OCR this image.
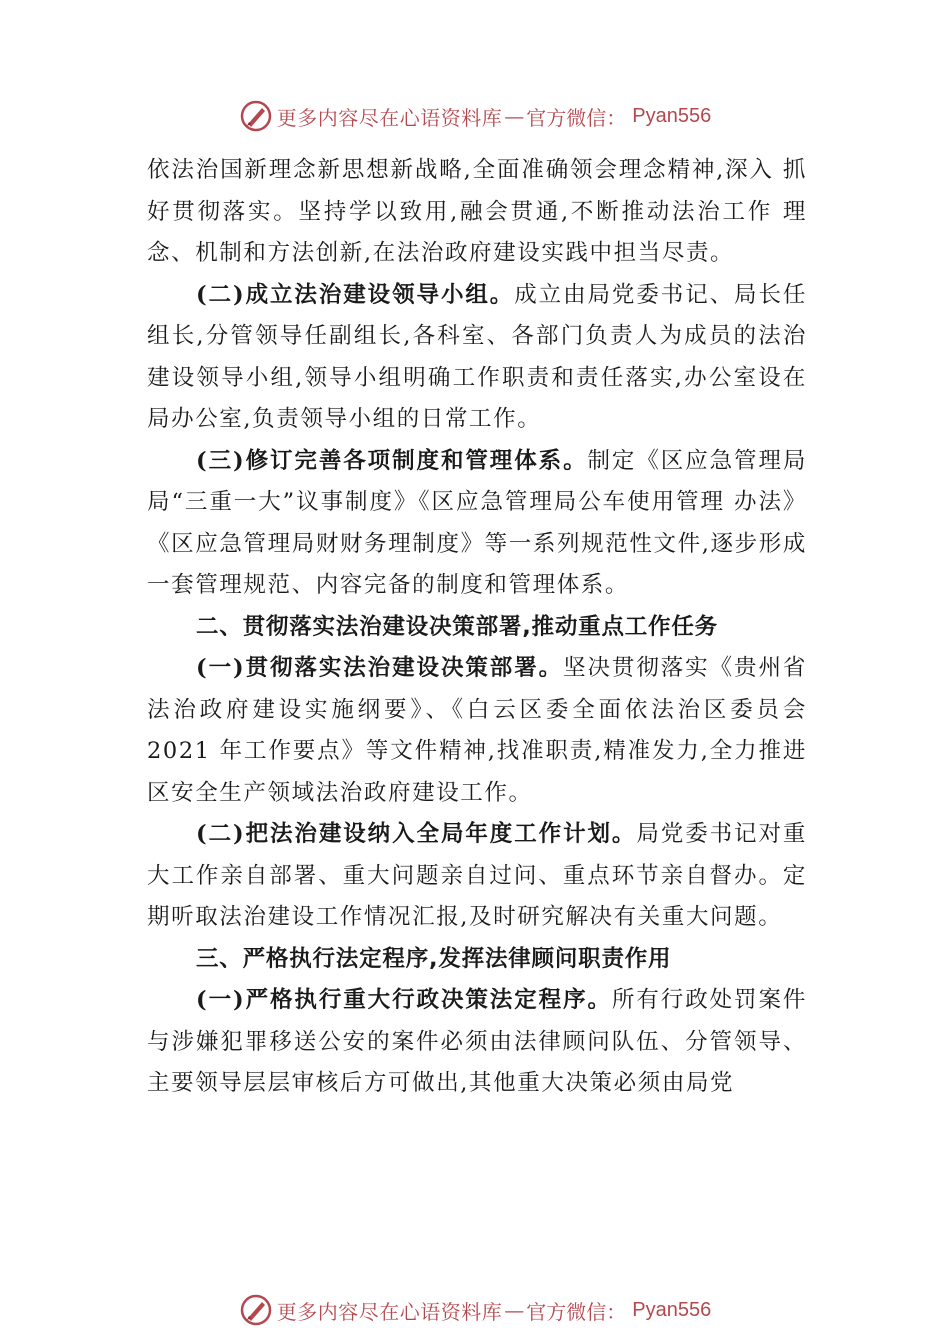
更多内容尽在心语资料库 — 官方微信： Pyan556

依法治国新理念新思想新战略,全面准确领会理念精神,深入 抓好贯彻落实。坚持学以致用,融会贯通,不断推动法治工作 理念、机制和方法创新,在法治政府建设实践中担当尽责。

(二)成立法治建设领导小组。成立由局党委书记、局长任组长,分管领导任副组长,各科室、各部门负责人为成员的法治建设领导小组,领导小组明确工作职责和责任落实,办公室设在局办公室,负责领导小组的日常工作。

(三)修订完善各项制度和管理体系。制定《区应急管理局局“三重一大”议事制度》《区应急管理局公车使用管理 办法》《区应急管理局财财务理制度》等一系列规范性文件,逐步形成一套管理规范、内容完备的制度和管理体系。

二、贯彻落实法治建设决策部署,推动重点工作任务

(一)贯彻落实法治建设决策部署。坚决贯彻落实《贵州省法治政府建设实施纲要》、《白云区委全面依法治区委员会 2021 年工作要点》等文件精神,找准职责,精准发力,全力推进区安全生产领域法治政府建设工作。

(二)把法治建设纳入全局年度工作计划。局党委书记对重大工作亲自部署、重大问题亲自过问、重点环节亲自督办。定期听取法治建设工作情况汇报,及时研究解决有关重大问题。

三、严格执行法定程序,发挥法律顾问职责作用

(一)严格执行重大行政决策法定程序。所有行政处罚案件与涉嫌犯罪移送公安的案件必须由法律顾问队伍、分管领导、主要领导层层审核后方可做出,其他重大决策必须由局党

更多内容尽在心语资料库 — 官方微信： Pyan556
